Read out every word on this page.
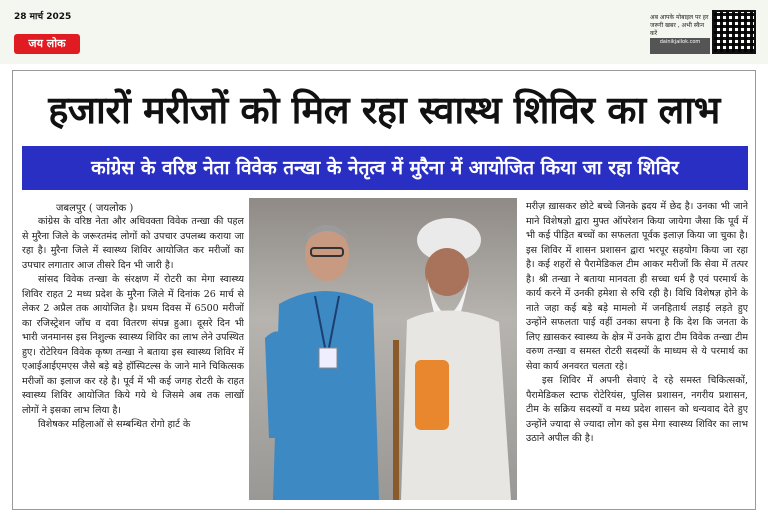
28 मार्च 2025
जय लोक
अब आपके मोबाइल पर हर
जरूरी खबर , अभी स्कैन करें
dainikjailok.com
हजारों मरीजों को मिल रहा स्वास्थ शिविर का लाभ
कांग्रेस के वरिष्ठ नेता विवेक तन्खा के नेतृत्व में मुरैना में आयोजित किया जा रहा शिविर
जबलपुर ( जयलोक )

कांग्रेस के वरिष्ठ नेता और अधिवक्ता विवेक तन्खा की पहल से मुरैना जिले के जरूरतमंद लोगों को उपचार उपलब्ध कराया जा रहा है। मुरैना जिले में स्वास्थ्य शिविर आयोजित कर मरीजों का उपचार लगातार आज तीसरे दिन भी जारी है।

सांसद विवेक तन्खा के संरक्षण में रोटरी का मेगा स्वास्थ्य शिविर राहत 2 मध्य प्रदेश के मुरैना जिले में दिनांक 26 मार्च से लेकर 2 अप्रैल तक आयोजित है। प्रथम दिवस में 6500 मरीजों का रजिस्ट्रेशन जाँच व दवा वितरण संपन्न हुआ। दूसरे दिन भी भारी जनमानस इस निशुल्क स्वास्थ्य शिविर का लाभ लेने उपस्थित हुए। रोटेरियन विवेक कृष्ण तन्खा ने बताया इस स्वास्थ्य शिविर में एआईआईएमएस जैसे बड़े बड़े हॉस्पिटल्स के जाने माने चिकित्सक मरीजों का इलाज कर रहे है। पूर्व में भी कई जगह रोटरी के राहत स्वास्थ्य शिविर आयोजित किये गये थे जिसमे अब तक लाखों लोगों ने इसका लाभ लिया है।

विशेषकर महिलाओं से सम्बन्धित रोगो हार्ट के

मरीज़ ख़ासकर छोटे बच्चे जिनके ह्रदय में छेद है। उनका भी जाने माने विशेषज्ञो द्वारा मुफ्त ऑपरेशन किया जायेगा जैसा कि पूर्व में भी कई पीड़ित बच्चों का सफलता पूर्वक इलाज़ किया जा चुका है। इस शिविर में शासन प्रशासन द्वारा भरपूर सहयोग किया जा रहा है। कई शहरों से पैरामेडिकल टीम आकर मरीजों कि सेवा में तत्पर है। श्री तन्खा ने बताया मानवता ही सच्चा धर्म है एवं परमार्थ के कार्य करने में उनकी हमेशा से रुचि रही है। विधि विशेषज्ञ होने के नाते जहा कई बड़े बड़े मामलो में जनहितार्थ लड़ाई लड़ते हुए उन्होंने सफलता पाई वहीं उनका सपना है कि देश कि जनता के लिए ख़ासकर स्वास्थ्य के क्षेत्र में उनके द्वारा टीम विवेक तन्खा टीम वरुण तन्खा व समस्त रोटरी सदस्यों के माध्यम से ये परमार्थ का सेवा कार्य अनवरत चलता रहे।

इस शिविर में अपनी सेवाएं दे रहे समस्त चिकित्सकों, पैरामेडिकल स्टाफ रोटेरियंस, पुलिस प्रशासन, नगरीय प्रशासन, टीम के सक्रिय सदस्यों व मध्य प्रदेश शासन को धन्यवाद देते हुए उन्होंने ज्यादा से ज्यादा लोग को इस मेगा स्वास्थ्य शिविर का लाभ उठाने अपील की है।
